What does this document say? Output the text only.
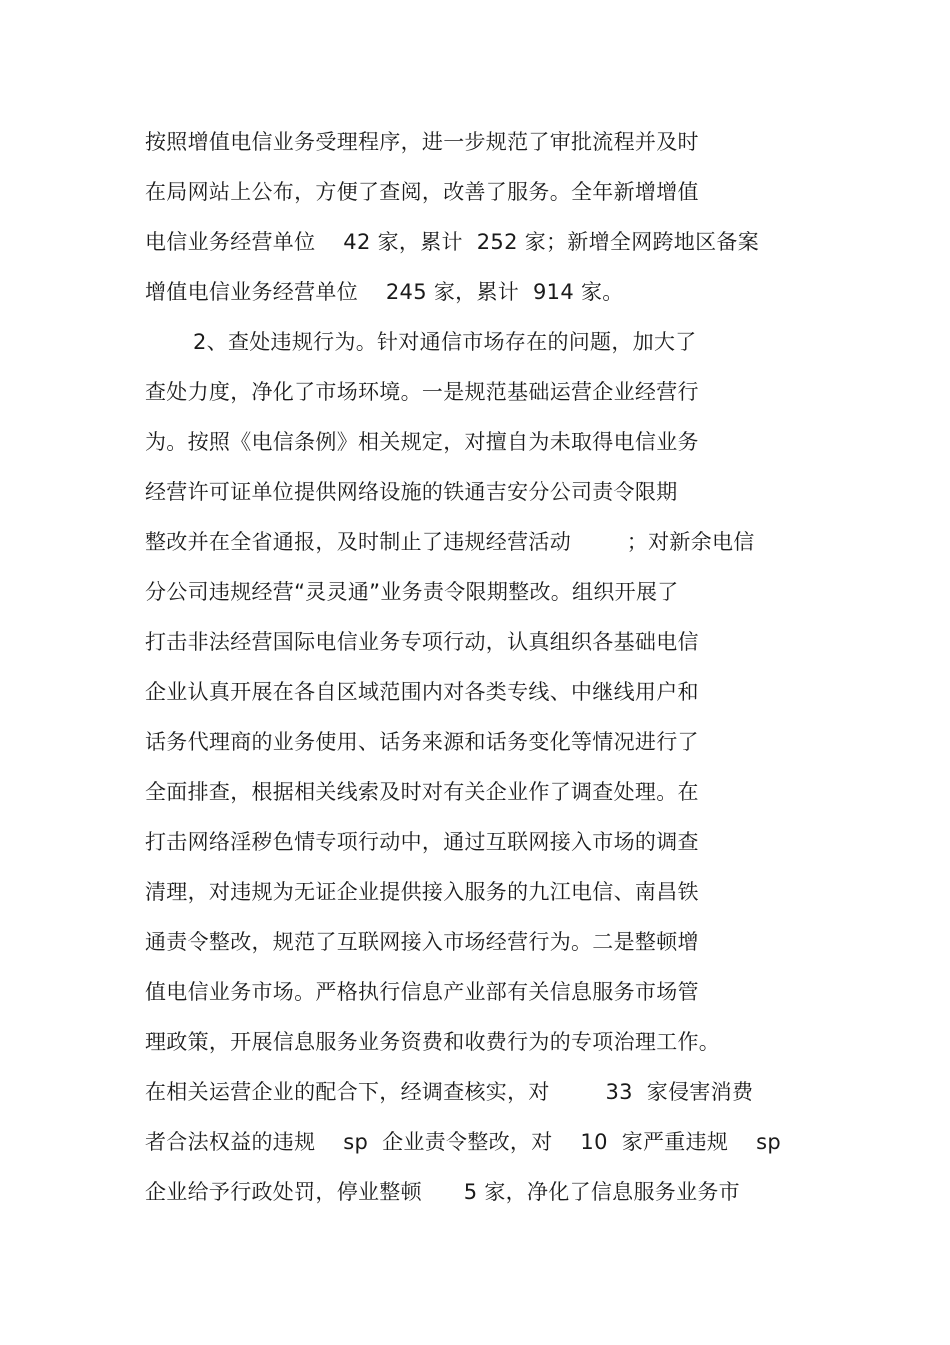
按照增值电信业务受理程序，进一步规范了审批流程并及时
在局网站上公布，方便了查阅，改善了服务。全年新增增值
电信业务经营单位    42 家，累计  252 家；新增全网跨地区备案
增值电信业务经营单位    245 家，累计  914 家。
2、查处违规行为。针对通信市场存在的问题，加大了
查处力度，净化了市场环境。一是规范基础运营企业经营行
为。按照《电信条例》相关规定，对擅自为未取得电信业务
经营许可证单位提供网络设施的铁通吉安分公司责令限期
整改并在全省通报，及时制止了违规经营活动        ；对新余电信
分公司违规经营“灵灵通”业务责令限期整改。组织开展了
打击非法经营国际电信业务专项行动，认真组织各基础电信
企业认真开展在各自区域范围内对各类专线、中继线用户和
话务代理商的业务使用、话务来源和话务变化等情况进行了
全面排查，根据相关线索及时对有关企业作了调查处理。在
打击网络淫秽色情专项行动中，通过互联网接入市场的调查
清理，对违规为无证企业提供接入服务的九江电信、南昌铁
通责令整改，规范了互联网接入市场经营行为。二是整顿增
值电信业务市场。严格执行信息产业部有关信息服务市场管
理政策，开展信息服务业务资费和收费行为的专项治理工作。
在相关运营企业的配合下，经调查核实，对        33  家侵害消费
者合法权益的违规    sp  企业责令整改，对    10  家严重违规    sp
企业给予行政处罚，停业整顿      5 家，净化了信息服务业务市
